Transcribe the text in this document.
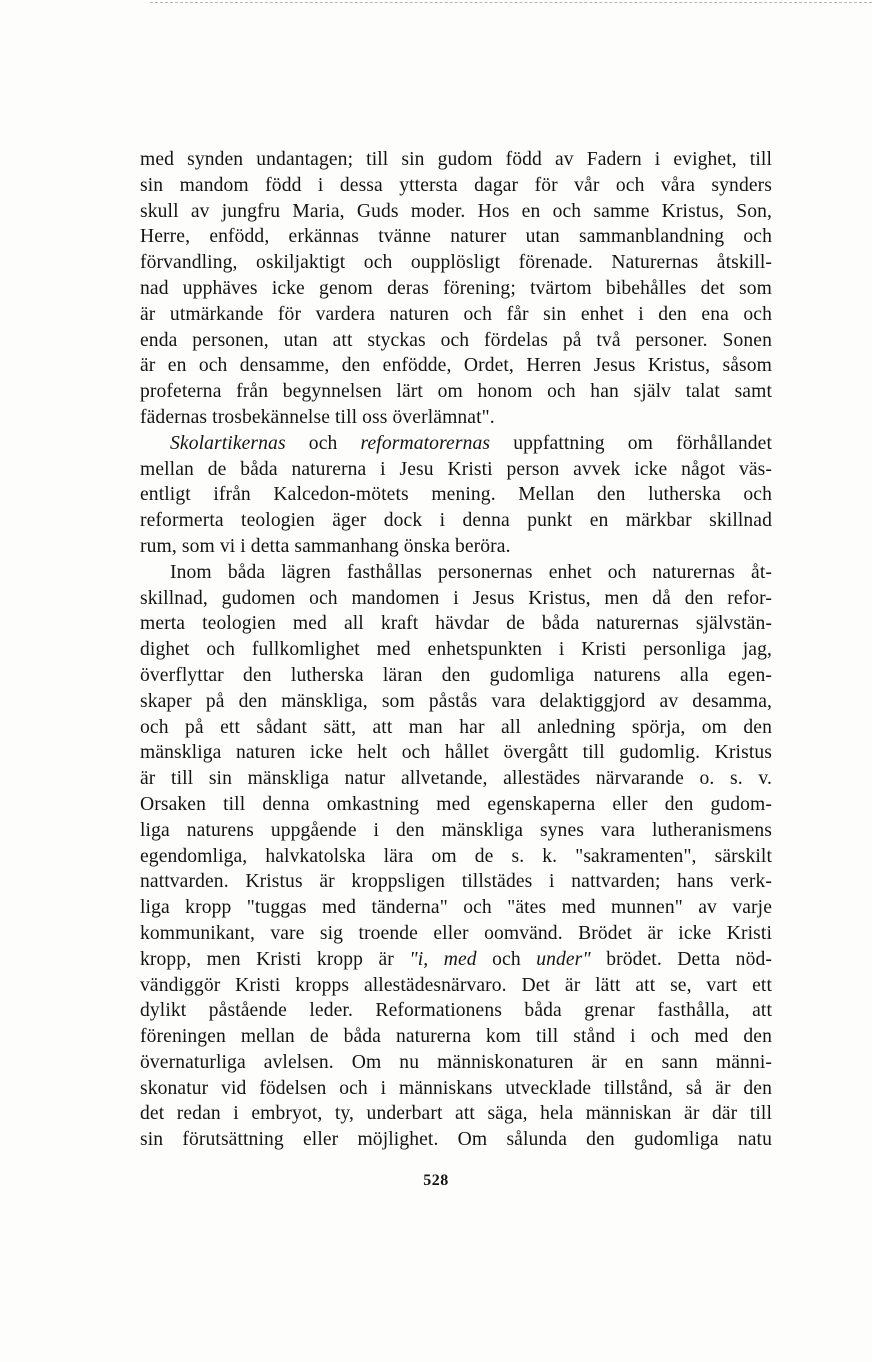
med synden undantagen; till sin gudom född av Fadern i evighet, till
sin mandom född i dessa yttersta dagar för vår och våra synders
skull av jungfru Maria, Guds moder. Hos en och samme Kristus, Son,
Herre, enfödd, erkännas tvänne naturer utan sammanblandning och
förvandling, oskiljaktigt och oupplösligt förenade. Naturernas åtskill-
nad upphäves icke genom deras förening; tvärtom bibehålles det som
är utmärkande för vardera naturen och får sin enhet i den ena och
enda personen, utan att styckas och fördelas på två personer. Sonen
är en och densamme, den enfödde, Ordet, Herren Jesus Kristus, såsom
profeterna från begynnelsen lärt om honom och han själv talat samt
fädernas trosbekännelse till oss överlämnat".
Skolartikernas och reformatorernas uppfattning om förhållandet
mellan de båda naturerna i Jesu Kristi person avvek icke något väs-
entligt ifrån Kalcedon-mötets mening. Mellan den lutherska och
reformerta teologien äger dock i denna punkt en märkbar skillnad
rum, som vi i detta sammanhang önska beröra.
Inom båda lägren fasthållas personernas enhet och naturernas åt-
skillnad, gudomen och mandomen i Jesus Kristus, men då den refor-
merta teologien med all kraft hävdar de båda naturernas självstän-
dighet och fullkomlighet med enhetspunkten i Kristi personliga jag,
överflyttar den lutherska läran den gudomliga naturens alla egen-
skaper på den mänskliga, som påstås vara delaktiggjord av desamma,
och på ett sådant sätt, att man har all anledning spörja, om den
mänskliga naturen icke helt och hållet övergått till gudomlig. Kristus
är till sin mänskliga natur allvetande, allestädes närvarande o. s. v.
Orsaken till denna omkastning med egenskaperna eller den gudom-
liga naturens uppgående i den mänskliga synes vara lutheranismens
egendomliga, halvkatolska lära om de s. k. "sakramenten", särskilt
nattvarden. Kristus är kroppsligen tillstädes i nattvarden; hans verk-
liga kropp "tuggas med tänderna" och "ätes med munnen" av varje
kommunikant, vare sig troende eller oomvänd. Brödet är icke Kristi
kropp, men Kristi kropp är "i, med och under" brödet. Detta nöd-
vändiggör Kristi kropps allestädesnärvaro. Det är lätt att se, vart ett
dylikt påstående leder. Reformationens båda grenar fasthålla, att
föreningen mellan de båda naturerna kom till stånd i och med den
övernaturliga avlelsen. Om nu människonaturen är en sann männi-
skonatur vid födelsen och i människans utvecklade tillstånd, så är den
det redan i embryot, ty, underbart att säga, hela människan är där till
sin förutsättning eller möjlighet. Om sålunda den gudomliga natu
528
